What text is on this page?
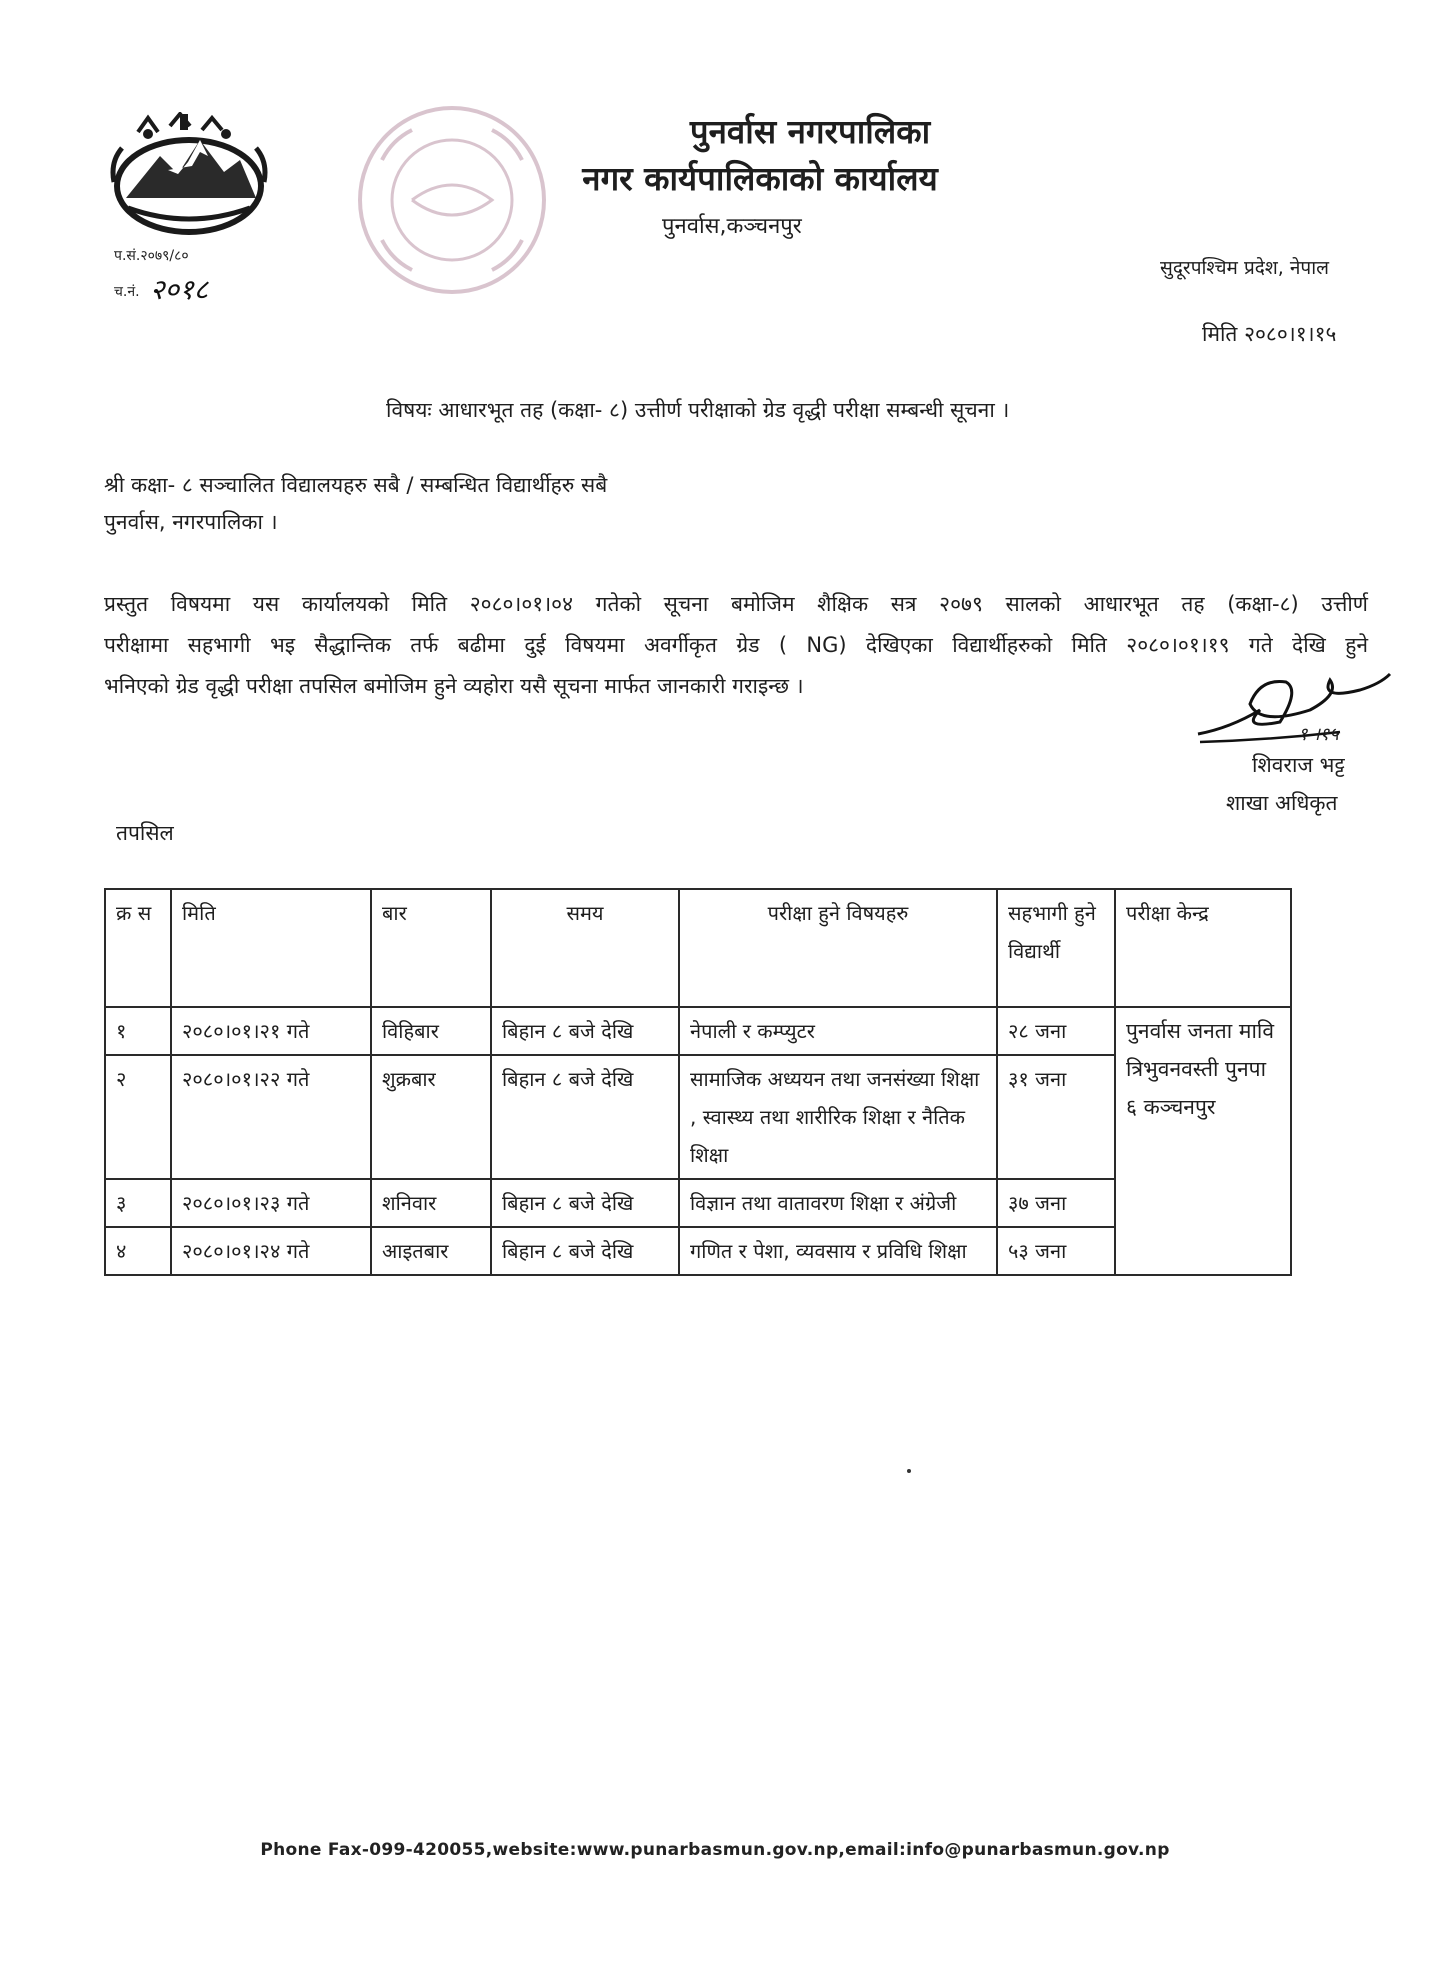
प.सं.२०७९/८०
च.नं. २०१८
पुनर्वास नगरपालिका
नगर कार्यपालिकाको कार्यालय
पुनर्वास,कञ्चनपुर
सुदूरपश्चिम प्रदेश, नेपाल
मिति २०८०।१।१५
विषयः आधारभूत तह (कक्षा- ८) उत्तीर्ण परीक्षाको ग्रेड वृद्धी परीक्षा सम्बन्धी सूचना ।
श्री कक्षा- ८ सञ्चालित विद्यालयहरु सबै / सम्बन्धित विद्यार्थीहरु सबै
पुनर्वास, नगरपालिका ।
प्रस्तुत विषयमा यस कार्यालयको मिति २०८०।०१।०४ गतेको सूचना बमोजिम शैक्षिक सत्र २०७९ सालको आधारभूत तह (कक्षा-८) उत्तीर्ण
परीक्षामा सहभागी भइ सैद्धान्तिक तर्फ बढीमा दुई विषयमा अवर्गीकृत ग्रेड ( NG) देखिएका विद्यार्थीहरुको मिति २०८०।०१।१९ गते देखि हुने
भनिएको ग्रेड वृद्धी परीक्षा तपसिल बमोजिम हुने व्यहोरा यसै सूचना मार्फत जानकारी गराइन्छ ।
१ ।१५
शिवराज भट्ट
शाखा अधिकृत
तपसिल
क्र स	मिति	बार	समय	परीक्षा हुने विषयहरु	सहभागी हुने विद्यार्थी	परीक्षा केन्द्र
१	२०८०।०१।२१ गते	विहिबार	बिहान ८ बजे देखि	नेपाली र कम्प्युटर	२८ जना	पुनर्वास जनता मावि त्रिभुवनवस्ती पुनपा ६ कञ्चनपुर
२	२०८०।०१।२२ गते	शुक्रबार	बिहान ८ बजे देखि	सामाजिक अध्ययन तथा जनसंख्या शिक्षा , स्वास्थ्य तथा शारीरिक शिक्षा र नैतिक शिक्षा	३१ जना	
३	२०८०।०१।२३ गते	शनिवार	बिहान ८ बजे देखि	विज्ञान तथा वातावरण शिक्षा र अंग्रेजी	३७ जना	
४	२०८०।०१।२४ गते	आइतबार	बिहान ८ बजे देखि	गणित र पेशा, व्यवसाय र प्रविधि शिक्षा	५३ जना	
Phone Fax-099-420055,website:www.punarbasmun.gov.np,email:info@punarbasmun.gov.np
